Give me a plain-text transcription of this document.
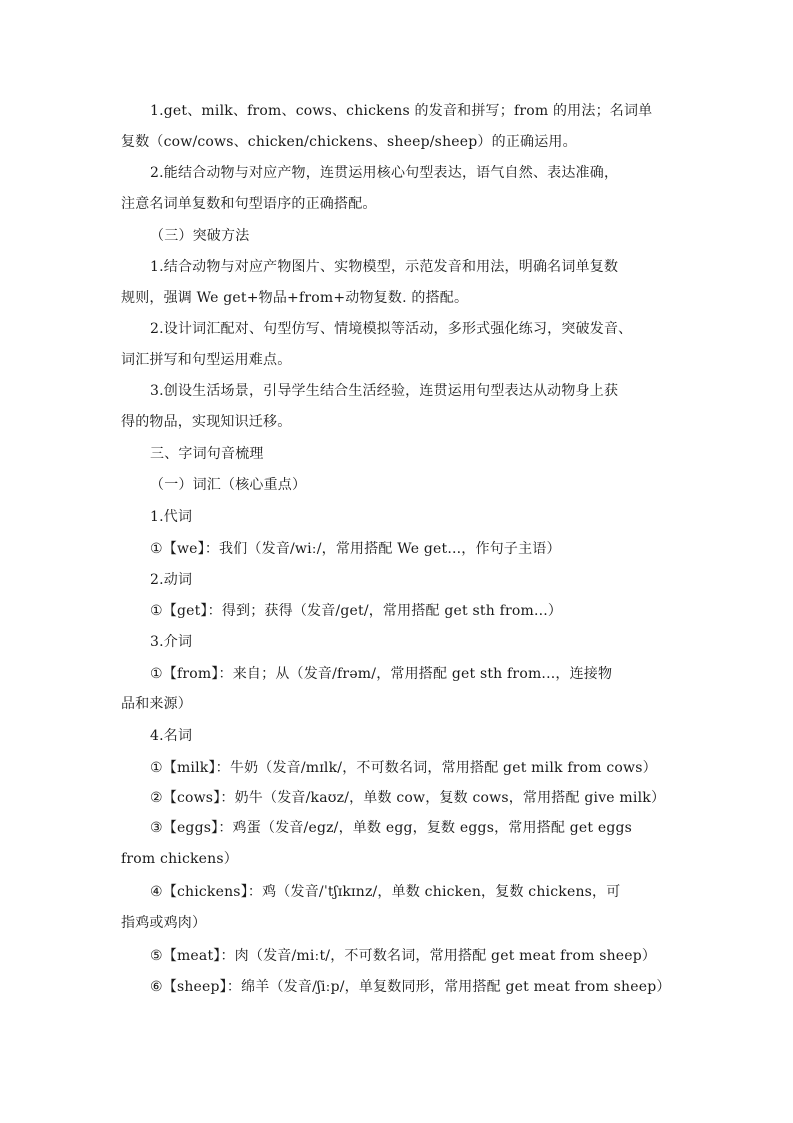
1.get、milk、from、cows、chickens 的发音和拼写；from 的用法；名词单
复数（cow/cows、chicken/chickens、sheep/sheep）的正确运用。
2.能结合动物与对应产物，连贯运用核心句型表达，语气自然、表达准确，
注意名词单复数和句型语序的正确搭配。
（三）突破方法
1.结合动物与对应产物图片、实物模型，示范发音和用法，明确名词单复数
规则，强调 We get+物品+from+动物复数. 的搭配。
2.设计词汇配对、句型仿写、情境模拟等活动，多形式强化练习，突破发音、
词汇拼写和句型运用难点。
3.创设生活场景，引导学生结合生活经验，连贯运用句型表达从动物身上获
得的物品，实现知识迁移。
三、字词句音梳理
（一）词汇（核心重点）
1.代词
①【we】：我们（发音/wiː/，常用搭配 We get...，作句子主语）
2.动词
①【get】：得到；获得（发音/get/，常用搭配 get sth from...）
3.介词
①【from】：来自；从（发音/frəm/，常用搭配 get sth from...，连接物
品和来源）
4.名词
①【milk】：牛奶（发音/mɪlk/，不可数名词，常用搭配 get milk from cows）
②【cows】：奶牛（发音/kaʊz/，单数 cow，复数 cows，常用搭配 give milk）
③【eggs】：鸡蛋（发音/egz/，单数 egg，复数 eggs，常用搭配 get eggs
from chickens）
④【chickens】：鸡（发音/ˈtʃɪkɪnz/，单数 chicken，复数 chickens，可
指鸡或鸡肉）
⑤【meat】：肉（发音/miːt/，不可数名词，常用搭配 get meat from sheep）
⑥【sheep】：绵羊（发音/ʃiːp/，单复数同形，常用搭配 get meat from sheep）
